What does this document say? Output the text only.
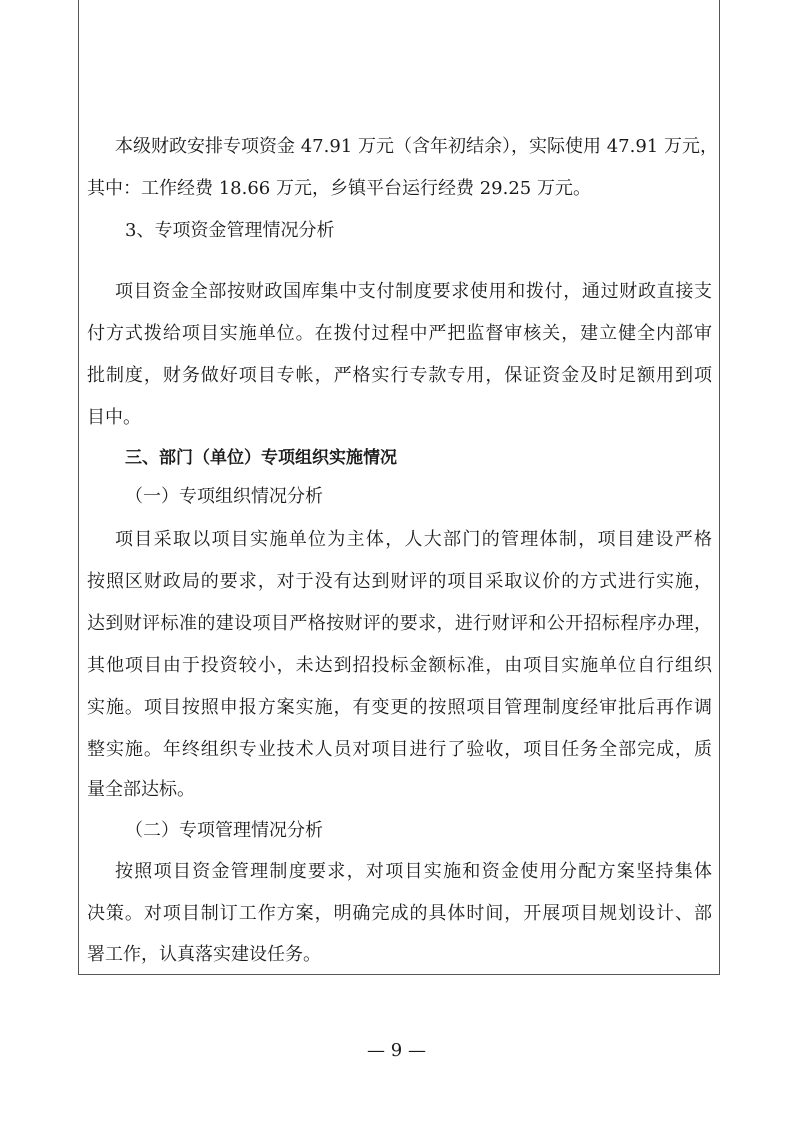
本级财政安排专项资金 47.91 万元（含年初结余），实际使用 47.91 万元，
其中：工作经费 18.66 万元，乡镇平台运行经费 29.25 万元。
3、专项资金管理情况分析
项目资金全部按财政国库集中支付制度要求使用和拨付，通过财政直接支
付方式拨给项目实施单位。在拨付过程中严把监督审核关，建立健全内部审
批制度，财务做好项目专帐，严格实行专款专用，保证资金及时足额用到项
目中。
三、部门（单位）专项组织实施情况
（一）专项组织情况分析
项目采取以项目实施单位为主体，人大部门的管理体制，项目建设严格
按照区财政局的要求，对于没有达到财评的项目采取议价的方式进行实施，
达到财评标准的建设项目严格按财评的要求，进行财评和公开招标程序办理，
其他项目由于投资较小，未达到招投标金额标准，由项目实施单位自行组织
实施。项目按照申报方案实施，有变更的按照项目管理制度经审批后再作调
整实施。年终组织专业技术人员对项目进行了验收，项目任务全部完成，质
量全部达标。
（二）专项管理情况分析
按照项目资金管理制度要求，对项目实施和资金使用分配方案坚持集体
决策。对项目制订工作方案，明确完成的具体时间，开展项目规划设计、部
署工作，认真落实建设任务。
— 9 —
